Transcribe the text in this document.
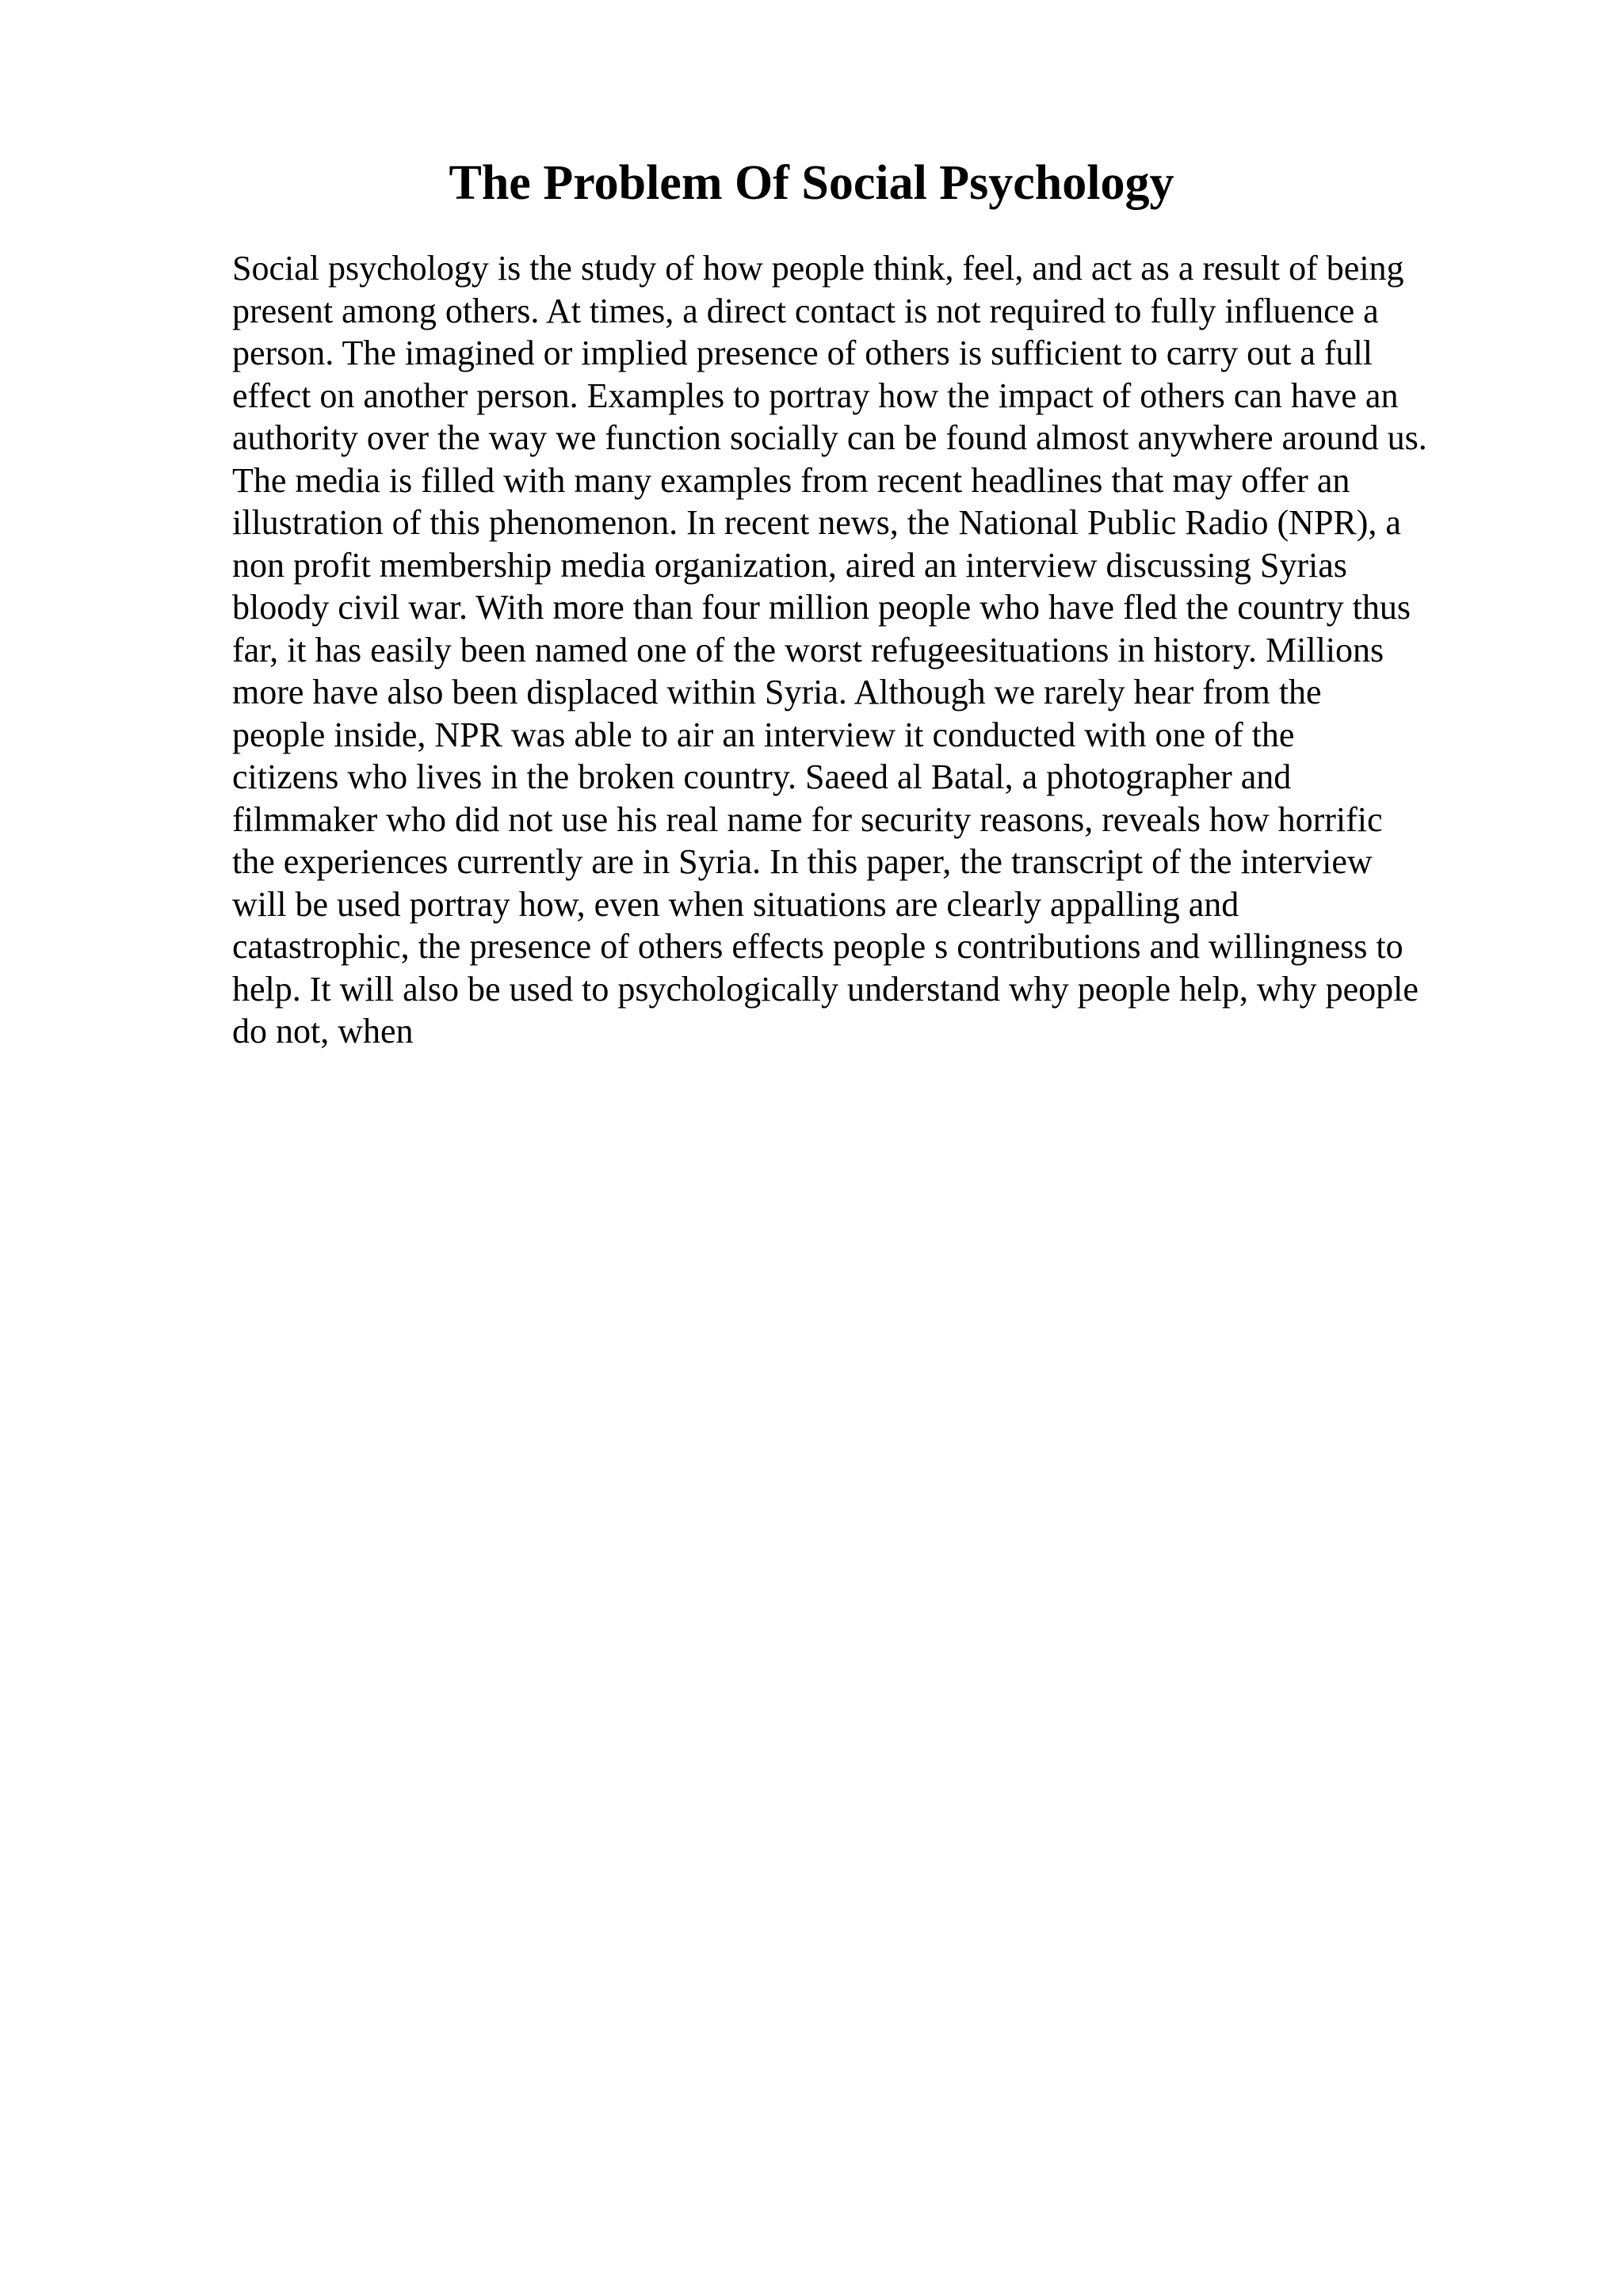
The Problem Of Social Psychology
Social psychology is the study of how people think, feel, and act as a result of being
present among others. At times, a direct contact is not required to fully influence a
person. The imagined or implied presence of others is sufficient to carry out a full
effect on another person. Examples to portray how the impact of others can have an
authority over the way we function socially can be found almost anywhere around us.
The media is filled with many examples from recent headlines that may offer an
illustration of this phenomenon. In recent news, the National Public Radio (NPR), a
non profit membership media organization, aired an interview discussing Syrias
bloody civil war. With more than four million people who have fled the country thus
far, it has easily been named one of the worst refugeesituations in history. Millions
more have also been displaced within Syria. Although we rarely hear from the
people inside, NPR was able to air an interview it conducted with one of the
citizens who lives in the broken country. Saeed al Batal, a photographer and
filmmaker who did not use his real name for security reasons, reveals how horrific
the experiences currently are in Syria. In this paper, the transcript of the interview
will be used portray how, even when situations are clearly appalling and
catastrophic, the presence of others effects people s contributions and willingness to
help. It will also be used to psychologically understand why people help, why people
do not, when
